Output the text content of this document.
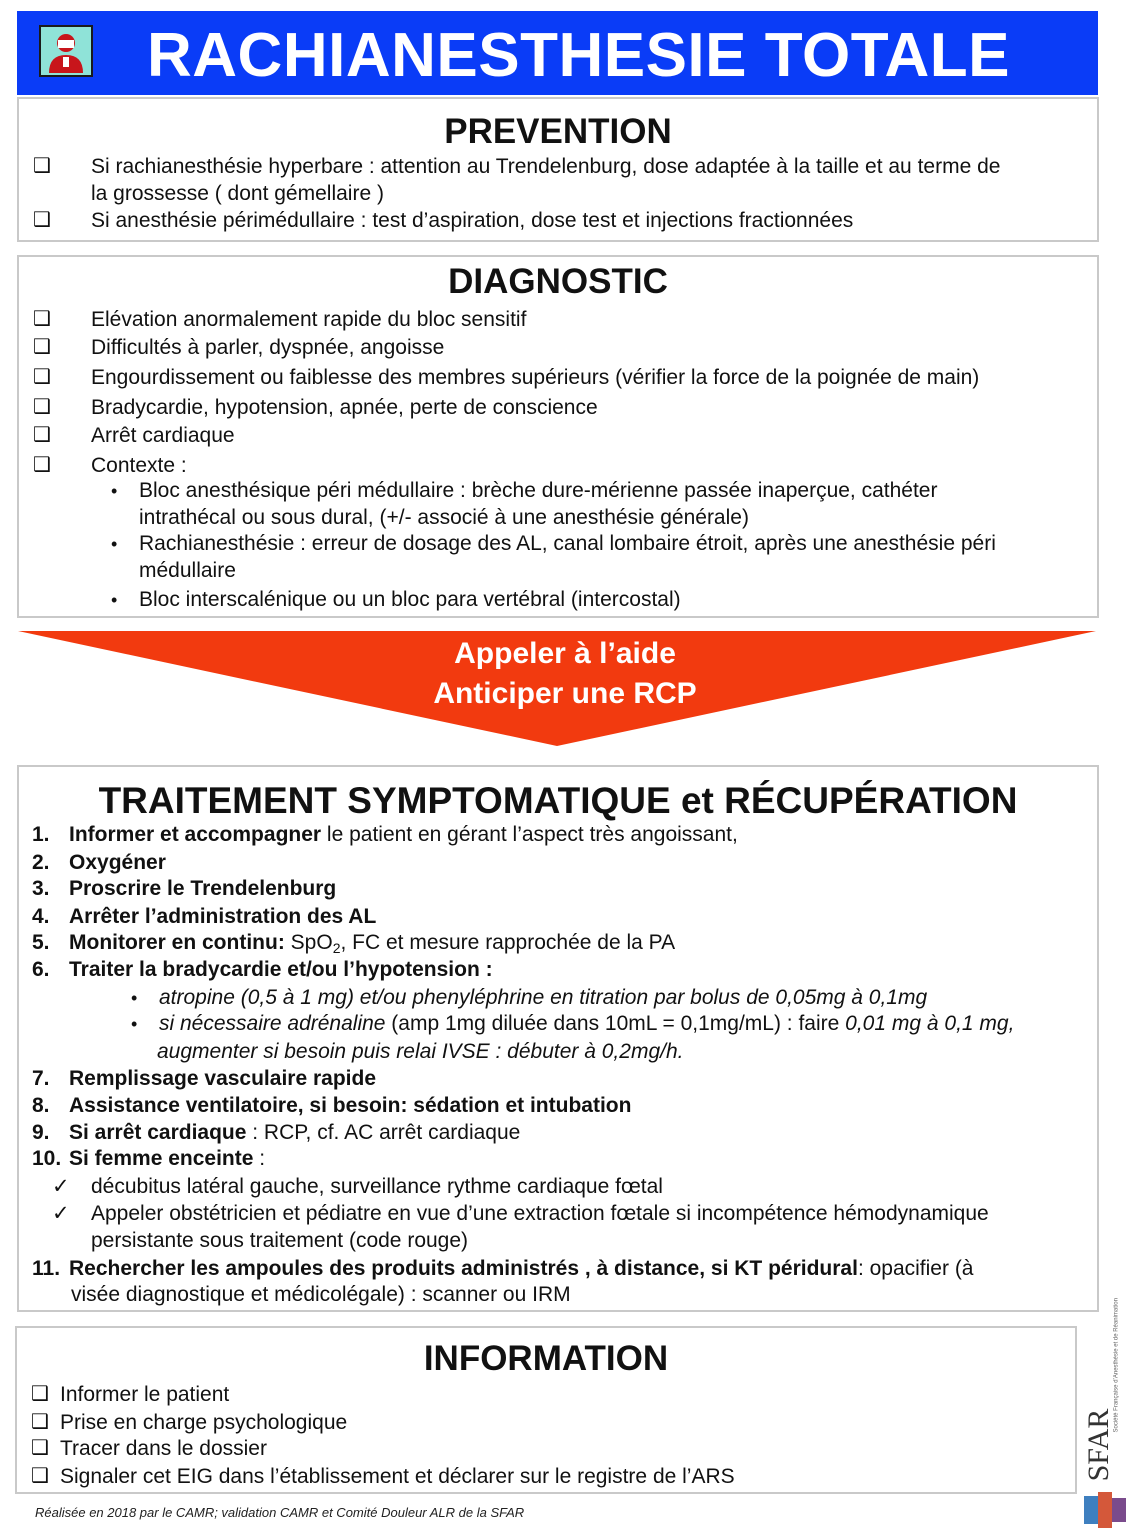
RACHIANESTHESIE TOTALE
PREVENTION
❑ Si rachianesthésie hyperbare : attention au Trendelenburg, dose adaptée à la taille et au terme de
la grossesse ( dont gémellaire )
❑ Si anesthésie périmédullaire : test d’aspiration, dose test et injections fractionnées
DIAGNOSTIC
❑ Elévation anormalement rapide du bloc sensitif
❑ Difficultés à parler, dyspnée, angoisse
❑ Engourdissement ou faiblesse des membres supérieurs (vérifier la force de la poignée de main)
❑ Bradycardie, hypotension, apnée, perte de conscience
❑ Arrêt cardiaque
❑ Contexte :
• Bloc anesthésique péri médullaire : brèche dure-mérienne passée inaperçue, cathéter
intrathécal ou sous dural, (+/- associé à une anesthésie générale)
• Rachianesthésie : erreur de dosage des AL, canal lombaire étroit, après une anesthésie péri
médullaire
• Bloc interscalénique ou un bloc para vertébral (intercostal)
Appeler à l’aide
Anticiper une RCP
TRAITEMENT SYMPTOMATIQUE et RÉCUPÉRATION
1. Informer et accompagner le patient en gérant l’aspect très angoissant,
2. Oxygéner
3. Proscrire le Trendelenburg
4. Arrêter l’administration des AL
5. Monitorer en continu: SpO$_2$, FC et mesure rapprochée de la PA
6. Traiter la bradycardie et/ou l’hypotension :
• atropine (0,5 à 1 mg) et/ou phenyléphrine en titration par bolus de 0,05mg à 0,1mg
• si nécessaire adrénaline (amp 1mg diluée dans 10mL = 0,1mg/mL) : faire 0,01 mg à 0,1 mg,
augmenter si besoin puis relai IVSE : débuter à 0,2mg/h.
7. Remplissage vasculaire rapide
8. Assistance ventilatoire, si besoin: sédation et intubation
9. Si arrêt cardiaque : RCP, cf. AC arrêt cardiaque
10. Si femme enceinte :
✓ décubitus latéral gauche, surveillance rythme cardiaque fœtal
✓ Appeler obstétricien et pédiatre en vue d’une extraction fœtale si incompétence hémodynamique
persistante sous traitement (code rouge)
11. Rechercher les ampoules des produits administrés , à distance, si KT péridural: opacifier (à
visée diagnostique et médicolégale) : scanner ou IRM
INFORMATION
❑ Informer le patient
❑ Prise en charge psychologique
❑ Tracer dans le dossier
❑ Signaler cet EIG dans l’établissement et déclarer sur le registre de l’ARS
Réalisée en 2018 par le CAMR; validation CAMR et Comité Douleur ALR de la SFAR
Société Française d’Anesthésie et de Réanimation
SFAR
